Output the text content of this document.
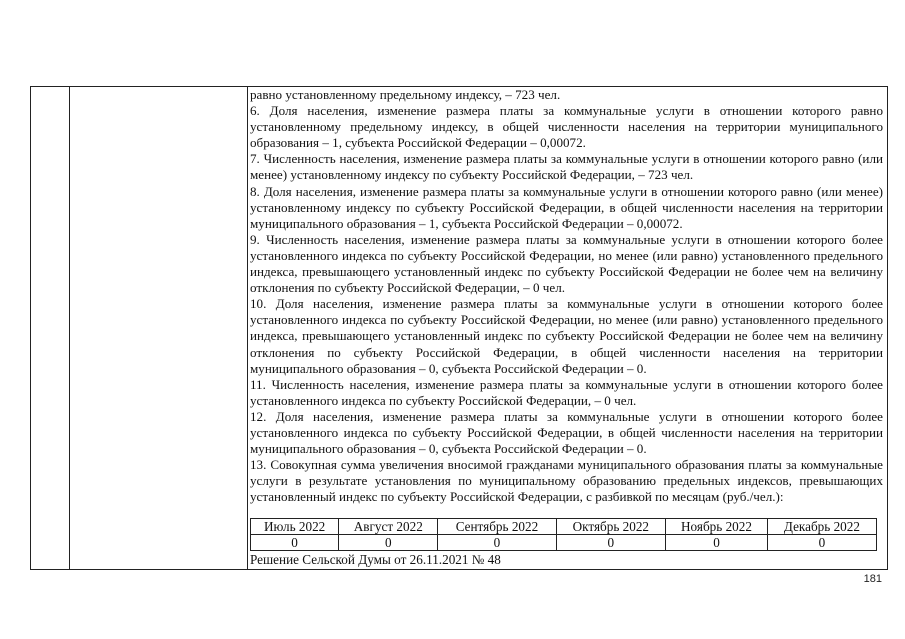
равно установленному предельному индексу, – 723 чел.

6. Доля населения, изменение размера платы за коммунальные услуги в отношении которого равно установленному предельному индексу, в общей численности населения на территории муниципального образования – 1, субъекта Российской Федерации – 0,00072.

7. Численность населения, изменение размера платы за коммунальные услуги в отношении которого равно (или менее) установленному индексу по субъекту Российской Федерации, – 723 чел.

8. Доля населения, изменение размера платы за коммунальные услуги в отношении которого равно (или менее) установленному индексу по субъекту Российской Федерации, в общей численности населения на территории муниципального образования – 1, субъекта Российской Федерации – 0,00072.

9. Численность населения, изменение размера платы за коммунальные услуги в отношении которого более установленного индекса по субъекту Российской Федерации, но менее (или равно) установленного предельного индекса, превышающего установленный индекс по субъекту Российской Федерации не более чем на величину отклонения по субъекту Российской Федерации, – 0 чел.

10. Доля населения, изменение размера платы за коммунальные услуги в отношении которого более установленного индекса по субъекту Российской Федерации, но менее (или равно) установленного предельного индекса, превышающего установленный индекс по субъекту Российской Федерации не более чем на величину отклонения по субъекту Российской Федерации, в общей численности населения на территории муниципального образования – 0, субъекта Российской Федерации – 0.

11. Численность населения, изменение размера платы за коммунальные услуги в отношении которого более установленного индекса по субъекту Российской Федерации, – 0 чел.

12. Доля населения, изменение размера платы за коммунальные услуги в отношении которого более установленного индекса по субъекту Российской Федерации, в общей численности населения на территории муниципального образования – 0, субъекта Российской Федерации – 0.

13. Совокупная сумма увеличения вносимой гражданами муниципального образования платы за коммунальные услуги в результате установления по муниципальному образованию предельных индексов, превышающих установленный индекс по субъекту Российской Федерации, с разбивкой по месяцам (руб./чел.):

Июль 2022	Август 2022	Сентябрь 2022	Октябрь 2022	Ноябрь 2022	Декабрь 2022
0	0	0	0	0	0
Решение Сельской Думы от 26.11.2021 № 48
181
